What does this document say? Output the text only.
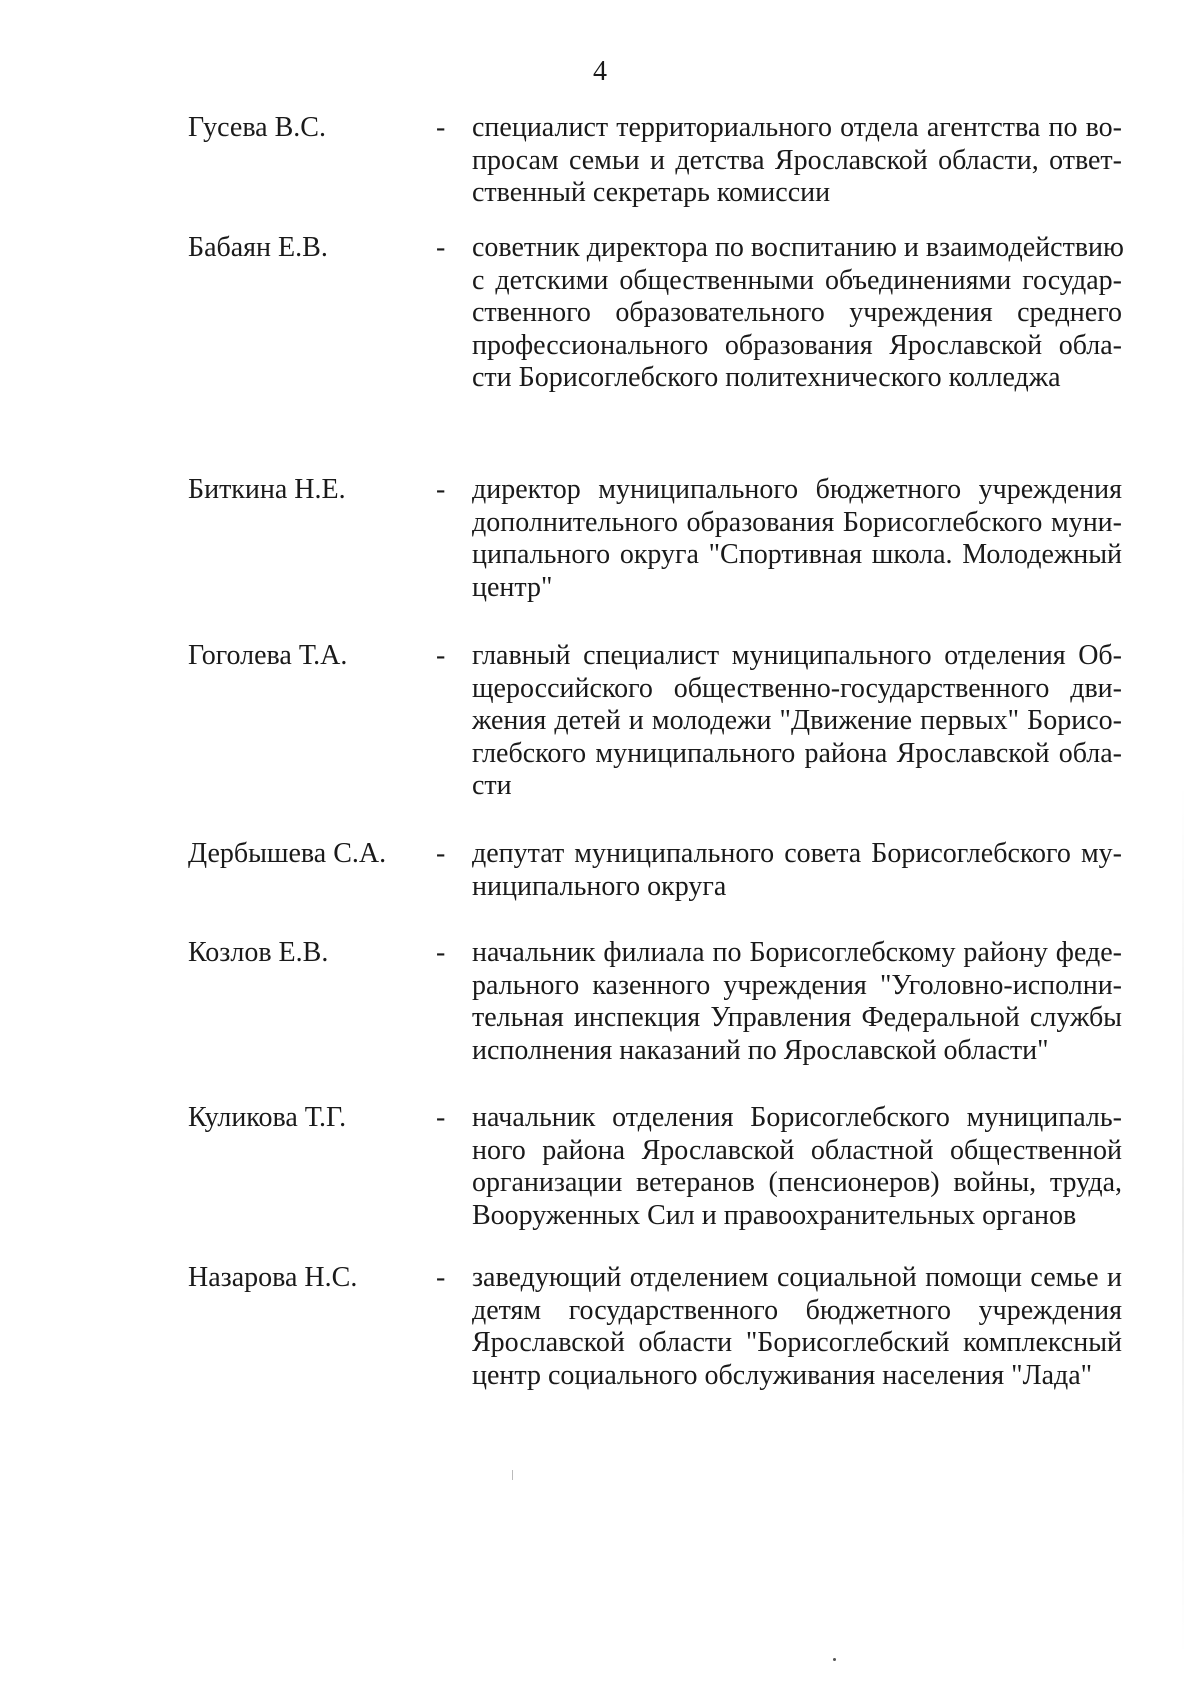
4
Гусева В.С.	- специалист территориального отдела агентства по во-
просам семьи и детства Ярославской области, ответ-
ственный секретарь комиссии
Бабаян Е.В.	- советник директора по воспитанию и взаимодействию
с детскими общественными объединениями государ-
ственного образовательного учреждения среднего
профессионального образования Ярославской обла-
сти Борисоглебского политехнического колледжа
Биткина Н.Е.	- директор муниципального бюджетного учреждения
дополнительного образования Борисоглебского муни-
ципального округа "Спортивная школа. Молодежный
центр"
Гоголева Т.А.	- главный специалист муниципального отделения Об-
щероссийского общественно-государственного дви-
жения детей и молодежи "Движение первых" Борисо-
глебского муниципального района Ярославской обла-
сти
Дербышева С.А. - депутат муниципального совета Борисоглебского му-
ниципального округа
Козлов Е.В.	- начальник филиала по Борисоглебскому району феде-
рального казенного учреждения "Уголовно-исполни-
тельная инспекция Управления Федеральной службы
исполнения наказаний по Ярославской области"
Куликова Т.Г.	- начальник отделения Борисоглебского муниципаль-
ного района Ярославской областной общественной
организации ветеранов (пенсионеров) войны, труда,
Вооруженных Сил и правоохранительных органов
Назарова Н.С.	- заведующий отделением социальной помощи семье и
детям государственного бюджетного учреждения
Ярославской области "Борисоглебский комплексный
центр социального обслуживания населения "Лада"
